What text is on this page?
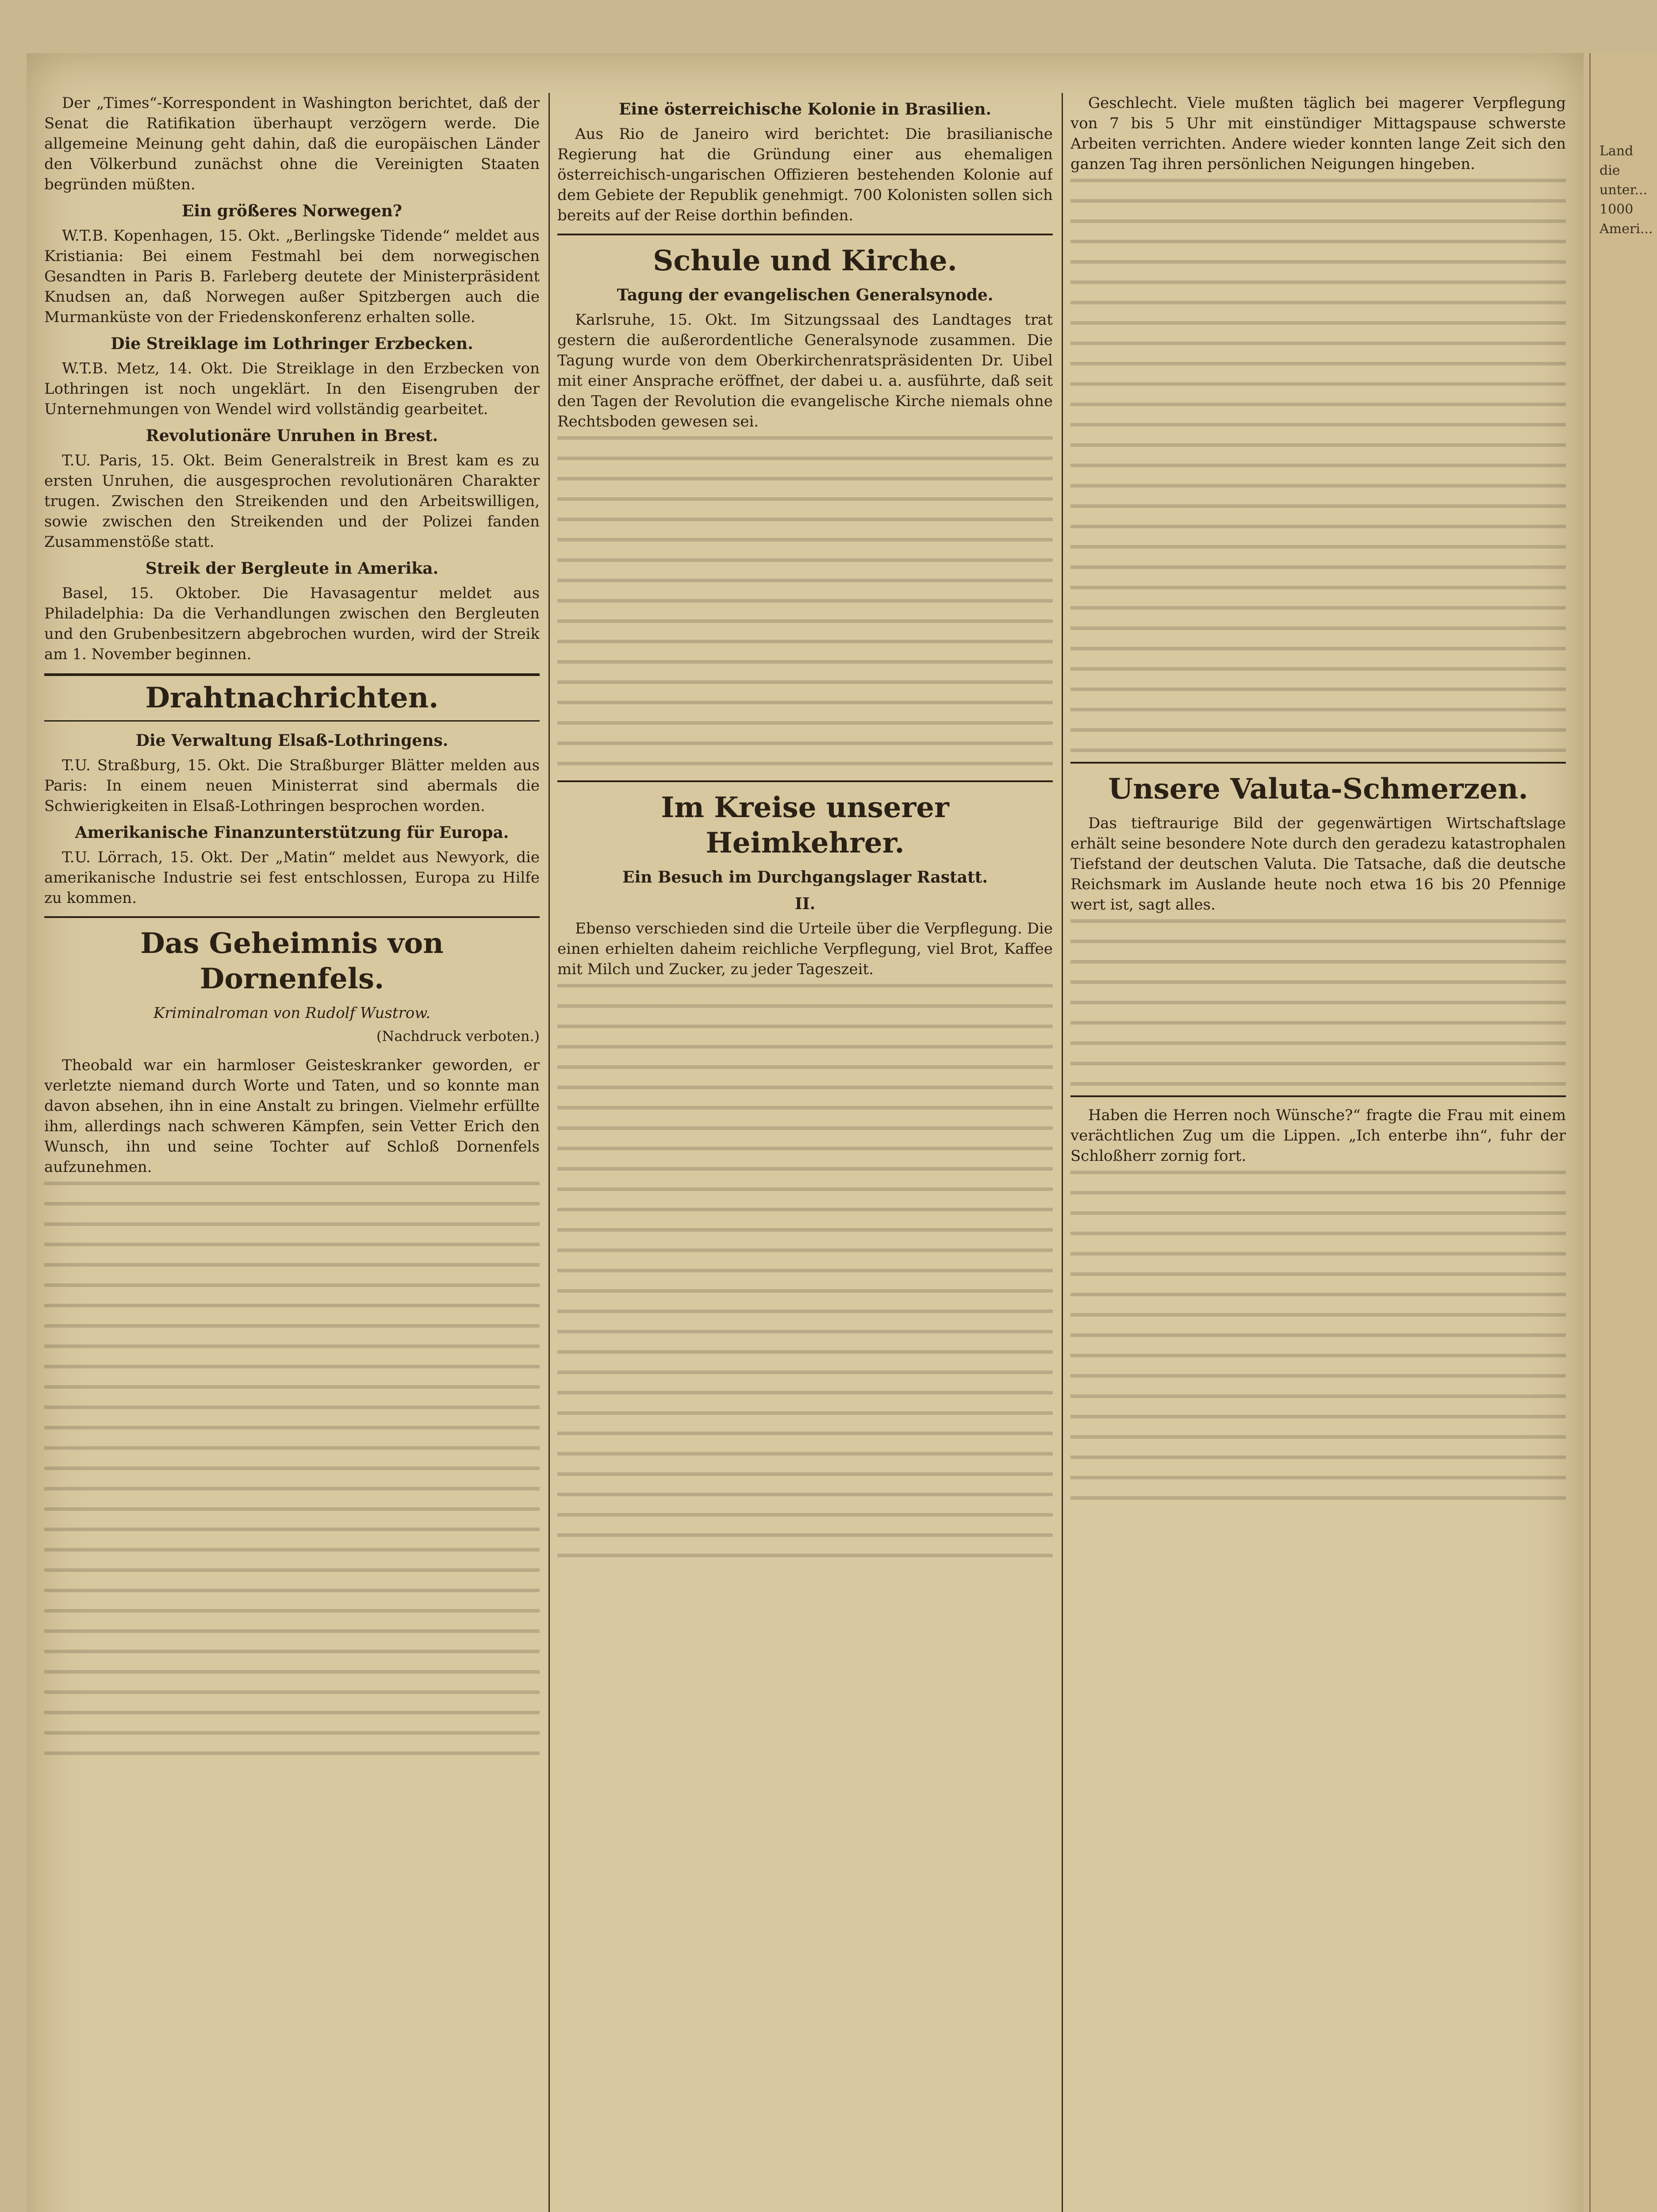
Der „Times“-Korrespondent in Washington berichtet, daß der Senat die Ratifikation überhaupt verzögern werde. Die allgemeine Meinung geht dahin, daß die europäischen Länder den Völkerbund zunächst ohne die Vereinigten Staaten begründen müßten.

Ein größeres Norwegen?

W.T.B. Kopenhagen, 15. Okt. „Berlingske Tidende“ meldet aus Kristiania: Bei einem Festmahl bei dem norwegischen Gesandten in Paris B. Farleberg deutete der Ministerpräsident Knudsen an, daß Norwegen außer Spitzbergen auch die Murmanküste von der Friedenskonferenz erhalten solle.

Die Streiklage im Lothringer Erzbecken.

W.T.B. Metz, 14. Okt. Die Streiklage in den Erzbecken von Lothringen ist noch ungeklärt. In den Eisengruben der Unternehmungen von Wendel wird vollständig gearbeitet.

Revolutionäre Unruhen in Brest.

T.U. Paris, 15. Okt. Beim Generalstreik in Brest kam es zu ersten Unruhen, die ausgesprochen revolutionären Charakter trugen. Zwischen den Streikenden und den Arbeitswilligen, sowie zwischen den Streikenden und der Polizei fanden Zusammenstöße statt.

Streik der Bergleute in Amerika.

Basel, 15. Oktober. Die Havasagentur meldet aus Philadelphia: Da die Verhandlungen zwischen den Bergleuten und den Grubenbesitzern abgebrochen wurden, wird der Streik am 1. November beginnen.

Drahtnachrichten.
Die Verwaltung Elsaß-Lothringens.

T.U. Straßburg, 15. Okt. Die Straßburger Blätter melden aus Paris: In einem neuen Ministerrat sind abermals die Schwierigkeiten in Elsaß-Lothringen besprochen worden.

Amerikanische Finanzunterstützung für Europa.

T.U. Lörrach, 15. Okt. Der „Matin“ meldet aus Newyork, die amerikanische Industrie sei fest entschlossen, Europa zu Hilfe zu kommen.

Das Geheimnis von Dornenfels.
Kriminalroman von Rudolf Wustrow.
(Nachdruck verboten.)

Theobald war ein harmloser Geisteskranker geworden, er verletzte niemand durch Worte und Taten, und so konnte man davon absehen, ihn in eine Anstalt zu bringen. Vielmehr erfüllte ihm, allerdings nach schweren Kämpfen, sein Vetter Erich den Wunsch, ihn und seine Tochter auf Schloß Dornenfels aufzunehmen.

Eine österreichische Kolonie in Brasilien.

Aus Rio de Janeiro wird berichtet: Die brasilianische Regierung hat die Gründung einer aus ehemaligen österreichisch-ungarischen Offizieren bestehenden Kolonie auf dem Gebiete der Republik genehmigt. 700 Kolonisten sollen sich bereits auf der Reise dorthin befinden.

Schule und Kirche.
Tagung der evangelischen Generalsynode.

Karlsruhe, 15. Okt. Im Sitzungssaal des Landtages trat gestern die außerordentliche Generalsynode zusammen. Die Tagung wurde von dem Oberkirchenratspräsidenten Dr. Uibel mit einer Ansprache eröffnet, der dabei u. a. ausführte, daß seit den Tagen der Revolution die evangelische Kirche niemals ohne Rechtsboden gewesen sei.

Im Kreise unserer Heimkehrer.
Ein Besuch im Durchgangslager Rastatt.
II.

Ebenso verschieden sind die Urteile über die Verpflegung. Die einen erhielten daheim reichliche Verpflegung, viel Brot, Kaffee mit Milch und Zucker, zu jeder Tageszeit.

Geschlecht. Viele mußten täglich bei magerer Verpflegung von 7 bis 5 Uhr mit einstündiger Mittagspause schwerste Arbeiten verrichten. Andere wieder konnten lange Zeit sich den ganzen Tag ihren persönlichen Neigungen hingeben.

Unsere Valuta-Schmerzen.

Das tieftraurige Bild der gegenwärtigen Wirtschaftslage erhält seine besondere Note durch den geradezu katastrophalen Tiefstand der deutschen Valuta. Die Tatsache, daß die deutsche Reichsmark im Auslande heute noch etwa 16 bis 20 Pfennige wert ist, sagt alles.

Haben die Herren noch Wünsche?“ fragte die Frau mit einem verächtlichen Zug um die Lippen. „Ich enterbe ihn“, fuhr der Schloßherr zornig fort.

Land die unter... 1000 Ameri...
